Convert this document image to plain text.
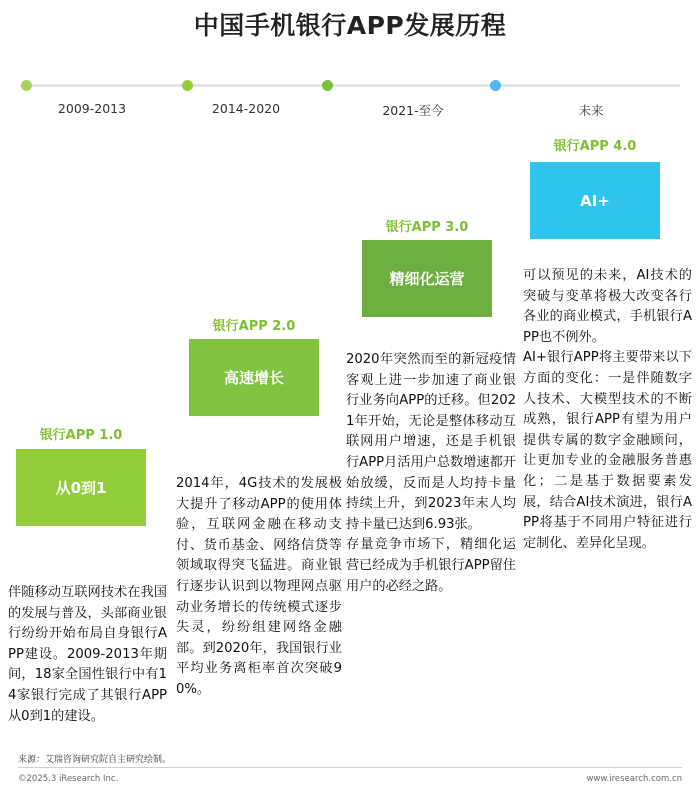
中国手机银行APP发展历程
2009-2013	2014-2020	2021-至今	未来
银行APP 4.0
AI+
银行APP 3.0
精细化运营
银行APP 2.0
高速增长
银行APP 1.0
从0到1

伴随移动互联网技术在我国的发展与普及，头部商业银行纷纷开始布局自身银行APP建设。2009-2013年期间，18家全国性银行中有14家银行完成了其银行APP从0到1的建设。

2014年，4G技术的发展极大提升了移动APP的使用体验，互联网金融在移动支付、货币基金、网络信贷等领域取得突飞猛进。商业银行逐步认识到以物理网点驱动业务增长的传统模式逐步失灵，纷纷组建网络金融部。到2020年，我国银行业平均业务离柜率首次突破90%。

2020年突然而至的新冠疫情客观上进一步加速了商业银行业务向APP的迁移。但2021年开始，无论是整体移动互联网用户增速，还是手机银行APP月活用户总数增速都开始放缓，反而是人均持卡量持续上升，到2023年末人均持卡量已达到6.93张。

存量竞争市场下，精细化运营已经成为手机银行APP留住用户的必经之路。

可以预见的未来，AI技术的突破与变革将极大改变各行各业的商业模式，手机银行APP也不例外。

AI+银行APP将主要带来以下方面的变化：一是伴随数字人技术、大模型技术的不断成熟，银行APP有望为用户提供专属的数字金融顾问，让更加专业的金融服务普惠化；二是基于数据要素发展，结合AI技术演进，银行APP将基于不同用户特征进行定制化、差异化呈现。

来源：艾瑞咨询研究院自主研究绘制。
©2025.3 iResearch Inc.	www.iresearch.com.cn
